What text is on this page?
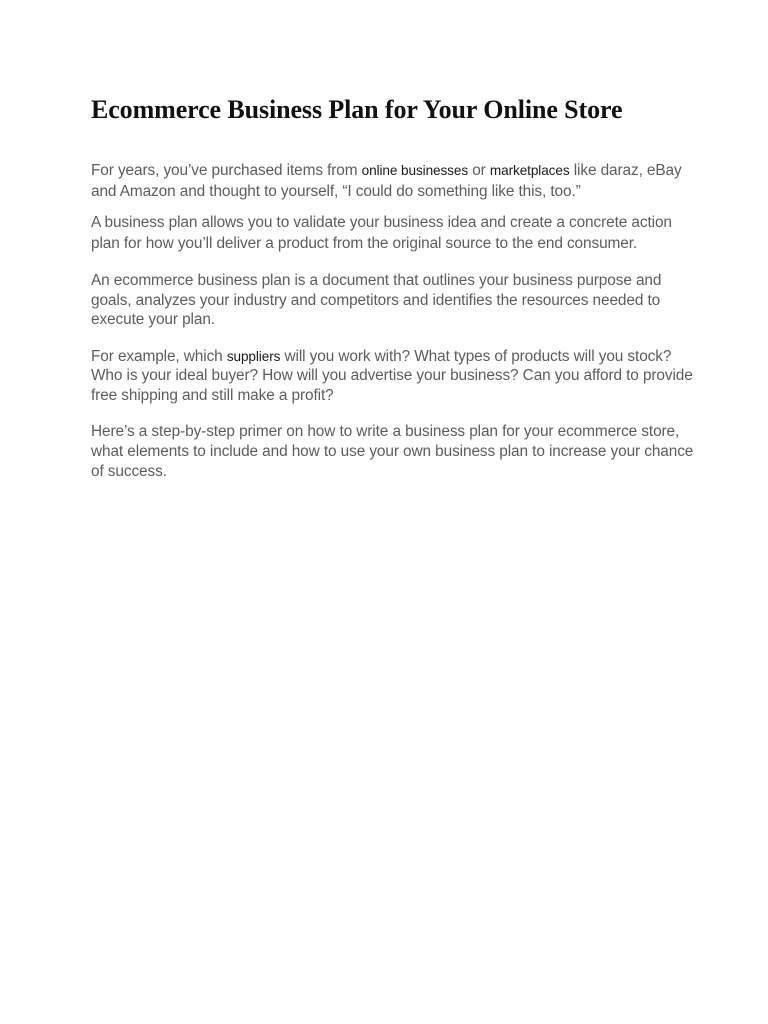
Ecommerce Business Plan for Your Online Store

For years, you’ve purchased items from online businesses or marketplaces like daraz, eBay and Amazon and thought to yourself, “I could do something like this, too.”

A business plan allows you to validate your business idea and create a concrete action plan for how you’ll deliver a product from the original source to the end consumer.

An ecommerce business plan is a document that outlines your business purpose and goals, analyzes your industry and competitors and identifies the resources needed to execute your plan.

For example, which suppliers will you work with? What types of products will you stock? Who is your ideal buyer? How will you advertise your business? Can you afford to provide free shipping and still make a profit?

Here’s a step-by-step primer on how to write a business plan for your ecommerce store, what elements to include and how to use your own business plan to increase your chance of success.
